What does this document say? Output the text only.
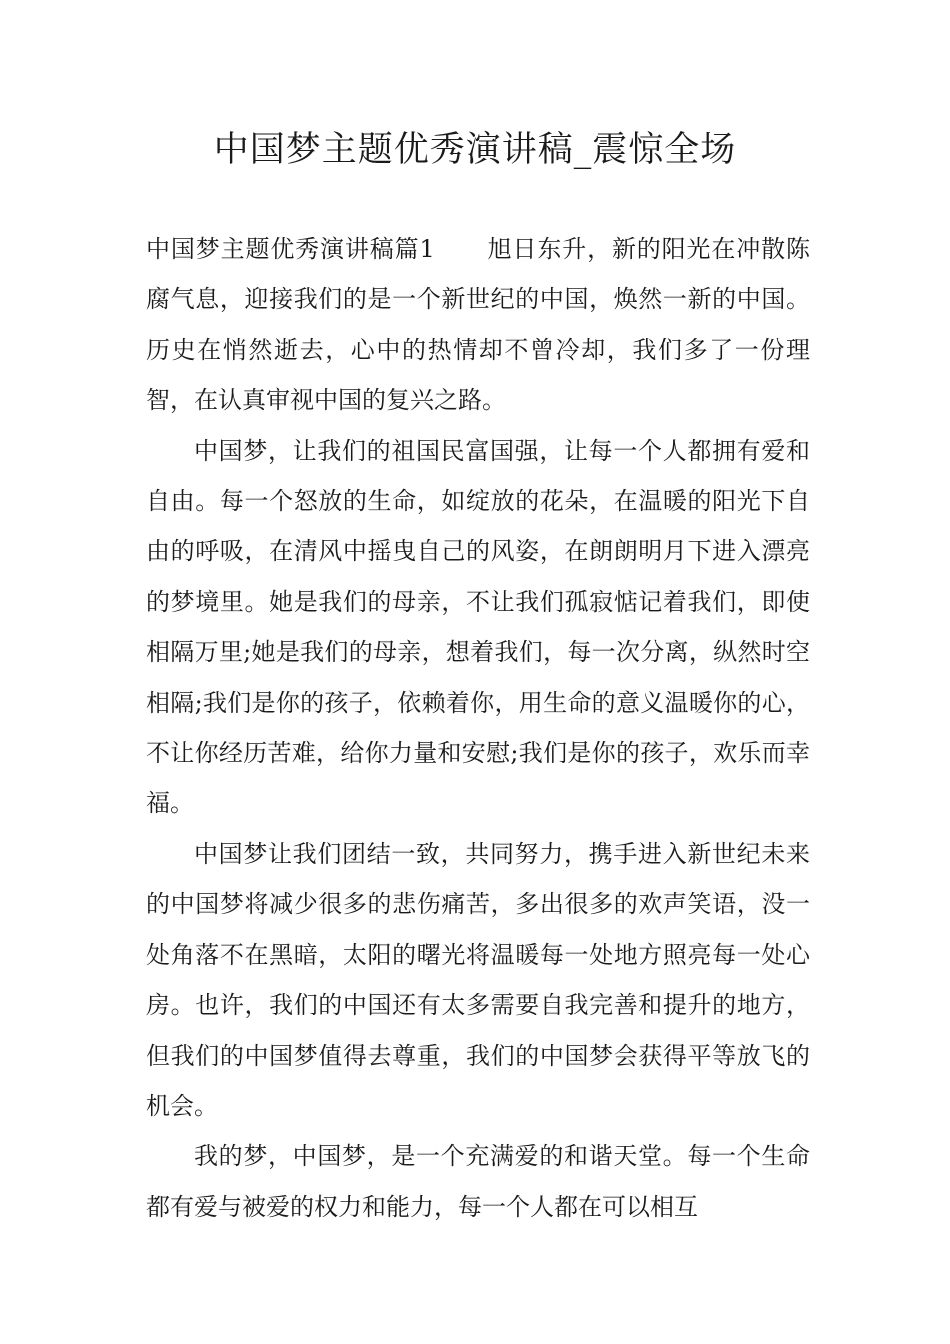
中国梦主题优秀演讲稿_震惊全场

中国梦主题优秀演讲稿篇1 旭日东升，新的阳光在冲散陈腐气息，迎接我们的是一个新世纪的中国，焕然一新的中国。历史在悄然逝去，心中的热情却不曾冷却，我们多了一份理智，在认真审视中国的复兴之路。

中国梦，让我们的祖国民富国强，让每一个人都拥有爱和自由。每一个怒放的生命，如绽放的花朵，在温暖的阳光下自由的呼吸，在清风中摇曳自己的风姿，在朗朗明月下进入漂亮的梦境里。她是我们的母亲，不让我们孤寂惦记着我们，即使相隔万里;她是我们的母亲，想着我们，每一次分离，纵然时空相隔;我们是你的孩子，依赖着你，用生命的意义温暖你的心，不让你经历苦难，给你力量和安慰;我们是你的孩子，欢乐而幸福。

中国梦让我们团结一致，共同努力，携手进入新世纪未来的中国梦将减少很多的悲伤痛苦，多出很多的欢声笑语，没一处角落不在黑暗，太阳的曙光将温暖每一处地方照亮每一处心房。也许，我们的中国还有太多需要自我完善和提升的地方，但我们的中国梦值得去尊重，我们的中国梦会获得平等放飞的机会。

我的梦，中国梦，是一个充满爱的和谐天堂。每一个生命都有爱与被爱的权力和能力，每一个人都在可以相互
